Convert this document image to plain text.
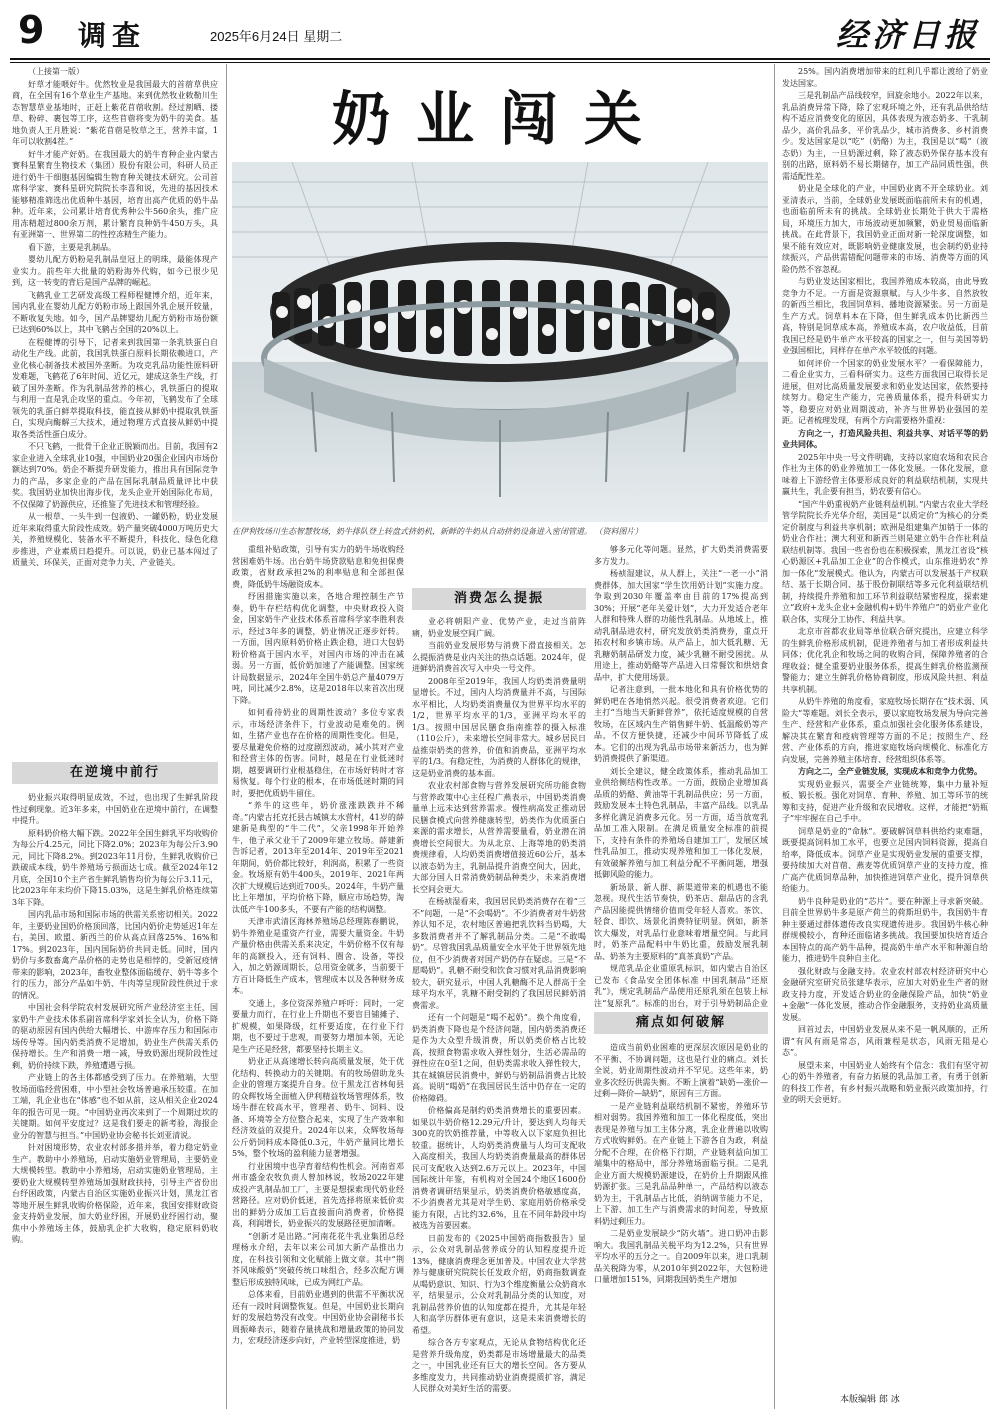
9 调查	2025年6月24日 星期二	经济日报

（上接第一版）

好草才能喂好牛。优然牧业是我国最大的首蓿草供应商，在全国有16个草业生产基地。来到优然牧业敕勒川生态智慧草业基地时，正赶上紫花苜蓿收割。经过割晒、搂草、粉碎、裹包等工序，这些苜蓿将变为奶牛的美食。基地负责人王月胜说：“紫花苜蓿是牧草之王，营养丰富，1年可以收割4茬。”

好牛才能产好奶。在我国最大的奶牛育种企业内蒙古赛科星繁育生物技术（集团）股份有限公司，科研人员正进行奶牛干细胞基因编辑生物育种关键技术研究。公司首席科学家、赛科星研究院院长李喜和说，先进的基因技术能够精准筛选出优质种牛基因，培育出高产优质的奶牛品种。近年来，公司累计培育优秀种公牛560余头，推广应用冻精超过800余万剂，累计繁育良种奶牛450万头，具有亚洲第一、世界第二的性控冻精生产能力。

看下游，主要是乳制品。

婴幼儿配方奶粉是乳制品皇冠上的明珠，最能体现产业实力。前些年大批量的奶粉海外代购，如今已很少见到，这一转变的背后是国产品牌的崛起。

飞鹤乳业工艺研发高级工程师程健博介绍，近年来，国内乳业在婴幼儿配方奶粉市场上跟国外乳企展开较量，不断收复失地。如今，国产品牌婴幼儿配方奶粉市场份额已达到60%以上，其中飞鹤占全国的20%以上。

在程健博的引导下，记者来到我国第一条乳铁蛋白自动化生产线。此前，我国乳铁蛋白原料长期依赖进口，产业化核心制备技术被国外垄断。为攻克乳品功能性原料研发难题，飞鹤花了6年时间、近亿元，建成这条生产线，打破了国外垄断。作为乳制品营养的核心，乳铁蛋白的提取与利用一直是乳企攻坚的重点。今年初，飞鹤发布了全球领先的乳蛋白鲜萃提取科技，能直接从鲜奶中提取乳铁蛋白，实现向酶解三大技术，通过物理方式直接从鲜奶中提取各类活性蛋白成分。

不只飞鹤，一批骨干企业正脱颖而出。目前，我国有2家企业进入全球乳业10强，中国奶业20强企业国内市场份额达到70%。奶企不断提升研发能力，推出具有国际竞争力的产品，多家企业的产品在国际乳制品质量评比中获奖。我国奶业加快出海步伐，龙头企业开始国际化布局，不仅保障了奶源供应，还推鉴了先进技术和管理经验。

从一根草、一头牛到一包液奶、一罐奶粉，奶业发展近年来取得重大阶段性成效。奶产量突破4000万吨历史大关，养殖规模化、装备水平不断提升，科技化、绿色化稳步推进，产业素质日趋提升。可以说，奶业已基本闯过了质量关、环保关，正面对竞争力关、产业链关。

在逆境中前行

奶业振兴取得明显成效，不过，也出现了生鲜乳阶段性过剩现象。近3年多来，中国奶业在逆境中前行，在调整中提升。

原料奶价格大幅下跌。2022年全国生鲜乳平均收购价为每公斤4.25元，同比下降2.0%；2023年为每公斤3.90元，同比下降8.2%。到2023年11月份，生鲜乳收购价已跌破成本线，奶牛养殖场亏损面达七成。截至2024年12月底，全国10个主产省生鲜乳销售均价为每公斤3.11元，比2023年年末均价下降15.03%，这是生鲜乳价格连续第3年下降。

国内乳品市场和国际市场的供需关系密切相关。2022年，主要奶业国奶价格顶回落，比国内奶价走势延迟1年左右，美国、欧盟、新西兰的价从高点回落25%、16%和17%。到2023年，国内国际奶价共同走低。同时，国内奶价与多数畜禽产品价格的走势也是相悖的，受新冠疫情带来的影响，2023年，畜牧业整体面临缓存、奶牛等多个行的压力，部分产品如牛奶、牛肉等呈现阶段性供过于求的情况。

中国社会科学院农村发展研究所产业经济室主任，国家奶牛产业技术体系副首席科学家刘长全认为，价格下降的驱动原因有国内供给大幅增长、中游库存压力和国际市场传导等。国内奶类消费不足增加，奶业生产供需关系仍保持增长。生产和消费一增一减，导致奶源出现阶段性过剩，奶价持续下跌，养殖遭遇亏损。

产业链上的各主体都感受到了压力。在养殖端，大型牧场面临经营困难，中小型社会牧场普遍承压较重。在加工端，乳企业也在“体感”也不如从前，这从相关企业2024年的报告可见一斑。“中国奶业再次来到了一个周期过坎的关键期。如何平安度过？这是我们要走的新考验，海报企业分的智慧与担当。”中国奶业协会秘书长刘亚清说。

针对困境形势，农业农村部多措并举，着力稳定奶业生产。教助中小养殖场，启动实施奶业管理局，主要奶业大规模转型。教助中小养殖场，启动实施奶业管理局，主要奶业大规模转型养殖场加强财政扶持，引导主产省份出台纾困政策，内蒙古自治区实施奶业振兴计划，黑龙江省等地开展生鲜乳收购价格保险，近年来，我国安排财政资金支持奶业发展，加大奶业纾困，开展奶业纾困行动，聚焦中小养殖场主体，鼓励乳企扩大收购，稳定原料奶收购。

奶业闯关
在伊利牧场川生态智慧牧场，奶牛排队登上转盘式挤奶机，新鲜的牛奶从自动挤奶设备进入密闭管道。 （资料图片）

重组补贴政策，引导有实力的奶牛场收购经营困难奶牛场。出台奶牛场贷款贴息和免担保费政策，省财政承担2%的利率贴息和全部担保费，降低奶牛场融资成本。

纾困措施实施以来，各地合理控制生产节奏，奶牛存栏结构优化调整，中央财政投入资金，国家奶牛产业技术体系首席科学家李胜利表示，经过3年多的调整，奶业情况正逐步好转。一方面，国内原料奶价格止跌企稳，进口大包奶粉价格高于国内水平，对国内市场的冲击在减弱。另一方面，低价奶加速了产能调整。国家统计局数据显示，2024年全国牛奶总产量4079万吨，同比减少2.8%，这是2018年以来首次出现下降。

如何看待奶业的周期性波动？多位专家表示，市场经济条件下，行业波动是难免的。例如，生猪产业也存在价格的周期性变化。但是，要尽量避免价格的过度剧烈波动，减小其对产业和经营主体的伤害。同时，越是在行业低迷时期，越要调研行业根基稳住，在市场好转时才容易恢复。每个行业的根本，在市场低迷时期的同时，要把优质奶牛留住。

“养牛的这些年，奶价涨涨跌跌并不稀奇。”内蒙古托克托县古城镇太水营村，41岁的薛建新是典型的“牛二代”，父亲1998年开始养牛，他子承父业干了2009年建立牧场。薛建新告诉记者，2013年至2014年、2019年至2021年期间，奶价都比较好，利润高，积累了一些资金。牧场原有奶牛400头，2019年、2021年两次扩大规模后达到近700头。2024年，牛奶产量比上年增加，平均价格下降，顺应市场趋势，淘汰低产牛100多头，不要有产能的结构调整。

天津市武清区海林养殖场总经理陈春鹏说，奶牛养殖业是重资产行业，需要大量资金。牛奶产量价格由供需关系来决定，牛奶价格不仅有每年的高额投入，还有饲料、圈舍、设备，等投入，加之奶源周期长，总用资金就多，当前要干方百计降低生产成本，管理成本以及各种财务成本。

交通上，多位资深养殖户呼吁：同时，一定要量力而行，在行业上升期也不要盲目铺摊子、扩规模，如果降级，红杆要适度，在行业下行期，也不要过于悲观，而要努力增加本领，无论是生产还是经营，都要坚持长期主义。

奶业正从高速增长转向高质量发展，处于优化结构、转换动力的关键期。有的牧场借助龙头企业的管理方案提升自身。位于黑龙江省林甸县的众辉牧场全面植入伊利精益牧场管理体系，牧场牛群在较高水平，管理者、奶牛、饲料、设备、环境等全方位整合起来，实现了生产效率和经济效益的双提升。2024年以来，众辉牧场每公斤奶饲料成本降低0.3元，牛奶产量同比增长5%，整个牧场的盈利能力显著增强。

行业困境中也孕育着结构性机会。河南省邓州市盛金农牧负责人曾加林说，牧场2022年建成投产乳制品加工厂，主要是想探索现代奶业经营路径。应对奶价低迷，首先选择将原来低价卖出的鲜奶分成加工后直接面向消费者，价格提高，利润增长，奶业振兴的发展路径更加清晰。

“创新才是出路。”河南花花牛乳业集团总经理杨永介绍，去年以来公司加大新产品推出力度，在科技引领和文化赋能上做文章。其中“荆芥风味酸奶”突破传统口味组合，经多次配方调整后形成独特风味，已成为网红产品。

总体来看，目前奶业遇到的供需不平衡状况还有一段时间调整恢复。但是，中国奶业长期向好的发展趋势没有改变。中国奶业协会副秘书长周振峰表示，随着存量挑战和增量政策的协同发力，宏观经济逐步向好，产业转型深度推进，奶

消费怎么提振

业必将朝阳产业、优势产业，走过当前阵痛，奶业发展空间广阔。

当前奶业发展形势与消费下滑直接相关。怎么提振消费是业内关注的热点话题。2024年，促进鲜奶消费首次写入中央一号文件。

2008年至2019年，我国人均奶类消费量明显增长。不过，国内人均消费量并不高，与国际水平相比，人均奶类消费量仅为世界平均水平的1/2，世界平均水平的1/3，亚洲平均水平的1/3。按照中国居民膳食指南推荐的摄入标准（110公斤），未来增长空间非常大。城乡居民日益推崇奶类的营养，价值和消费品，亚洲平均水平的1/3。有稳定性，为消费的人群体化的规律，这是奶业消费的基本面。

农业农村部食物与营养发展研究所功能食物与营养政策中心主任程广燕表示，中国奶类消费量单上远未达到营养需求。慢性病高发正推动居民膳食模式向营养健康转型，奶类作为优质蛋白来源的需求增长，从营养需要量看，奶业潜在消费增长空间很大。为从北京、上海等地的奶类消费规律看，人均奶类消费增值接近60公斤，基本以液态奶为主，乳制品提升消费空间大，因此，大部分国人日常消费奶制品种类少，未来消费增长空间会更大。

在杨祯湿看来，我国居民奶类消费存在着“三不”问题，一是“不会喝奶”。不少消费者对牛奶营养认知不足，农村地区普遍把乳饮料当奶喝，大多数消费者并不了解乳制品分类。二是“不敢喝奶”。尽管我国乳品质量安全水平处于世界领先地位，但不少消费者对国产奶仍存在疑虑。三是“不愿喝奶”。乳糖不耐受和饮食习惯对乳品消费影响较大，研究显示，中国人乳糖酶不足人群高于全球平均水平，乳糖不耐受制约了我国居民鲜奶消费需求。

还有一个问题是“喝不起奶”。换个角度看，奶类消费下降也是个经济问题，国内奶类消费还是作为大众型升级消费，所以奶类价格占比较高，按照食物需求收入弹性划分，生活必需品的弹性应在0至1之间，但奶类需求收入弹性较大，其在城镇居民消费中，鲜奶与奶制品消费占比较高。说明“喝奶”在我国居民生活中仍存在一定的价格障碍。

价格偏高是制约奶类消费增长的重要因素。如果以牛奶价格12.29元/升计，要达到人均每天300克的饮奶推荐量，中等收入以下家庭负担比较重。据统计，人均奶类消费量与人均可支配收入高度相关，我国人均奶类消费量最高的群体居民可支配收入达到2.6万元以上。2023年，中国国际统计年鉴，有机构对全国24个地区1600份消费者调研结果显示，奶类消费价格敏感度高，不少消费者尤其是对学生奶、家庭用奶价格承受能力有限，占比约32.6%，且在不同年龄段中均被选为首要因素。

日前发布的《2025中国奶商指数报告》显示，公众对乳制品营养成分的认知程度提升近13%，健康消费理念更加普及。中国农业大学营养与健康研究院院长任发政介绍，奶商指数调查从喝奶意识、知识、行为3个维度衡量公众奶商水平，结果显示，公众对乳制品分类的认知度，对乳制品营养价值的认知度都在提升，尤其是年轻人和高学历群体更有意识，这是未来消费增长的希望。

综合各方专家观点，无论从食物结构优化还是营养升级角度，奶类都是市场增量最大的品类之一，中国乳业还有巨大的增长空间。各方要从多维度发力，共同推动奶业消费提质扩容，满足人民群众对美好生活的需要。

够多元化等问题。显然，扩大奶类消费需要多方发力。

杨祯湿建议，从人群上，关注“一老一小”消费群体，加大国家“学生饮用奶计划”实施力度。争取到2030年覆盖率由目前的17%提高到30%；开展“老年关爱计划”，大力开发适合老年人群和特殊人群的功能性乳制品。从地域上，推动乳制品进农村，研究发放奶类消费券，重点开拓农村和乡镇市场。从产品上，加大低乳糖、无乳糖奶制品研发力度，减少乳糖不耐受困扰。从用途上，推动奶酪等产品进入日常餐饮和烘焙食品中，扩大使用场景。

记者注意到，一批本地化和具有价格优势的鲜奶吧在各地悄然兴起。很受消费者欢迎。它们主打“当地当天新鲜营养”，依托适度规模的自营牧场，在区域内生产销售鲜牛奶、低温酸奶等产品，不仅方便快捷，还减少中间环节降低了成本。它们的出现为乳品市场带来新活力，也为鲜奶消费提供了新渠道。

刘长全建议，健全政策体系，推动乳品加工业供给侧结构性改革。一方面，鼓励企业增加高品质的奶酪、黄油等干乳制品供应；另一方面，鼓励发展本土特色乳制品，丰富产品线。以乳品多样化满足消费多元化。另一方面，适当放宽乳品加工准入限制。在满足质量安全标准的前提下，支持有条件的养殖场自建加工厂，发展区域性乳品加工，推动实现养殖和加工一体化发展，有效破解养殖与加工利益分配不平衡问题，增强抵御风险的能力。

新场景、新人群、新渠道带来的机遇也不能忽视。现代生活节奏快，奶茶店、甜品店的含乳产品因能提供情绪价值而受年轻人喜欢。茶饮、轻食、即饮、场景化消费特征明显。例如，新茶饮大爆发，对乳品行业意味着增量空间。与此同时，奶茶产品配料中牛奶比重，鼓励发展乳制品、奶茶为主要原料的“真茶真奶”产品。

规范乳品企业重原乳标识，如内蒙古自治区已发布《食品安全团体标准 中国乳制品“还原乳”》，规定乳制品产品使用还原乳须在包装上标注“复原乳”。标准的出台，对于引导奶制品企业

痛点如何破解

造成当前奶业困难的更深层次原因是奶业的不平衡、不协调问题，这也是行业的痛点。刘长全说，奶业周期性波动并不罕见。这些年来，奶业多次经历供需失衡。不断上演着“缺奶—涨价—过剩—降价—缺奶”，原因有三方面。

一是产业链利益联结机制不紧密，养殖环节相对弱势。我国养殖和加工一体化程度低，突出表现是养殖与加工主体分离，乳企业普遍以收购方式收购鲜奶。在产业链上下游各自为政，利益分配不合理，在价格下行期，产业链利益向加工端集中的格局中，部分养殖场面临亏损。二是乳企业方面大规模奶源建设，在奶价上升期跟风推奶源扩张。三是乳品品种单一，产品结构以液态奶为主，干乳制品占比低，消纳调节能力不足，上下游、加工生产与消费需求的时间差，导致原料奶过剩压力。

二是奶业发展缺少“防火墙”。进口奶冲击影响大。我国乳制品关税平均为12.2%，只有世界平均水平的五分之一。自2009年以来，进口乳制品关税降为零，从2010年到2022年，大包粉进口量增加151%，同期我国奶类生产增加

25%。国内消费增加带来的红利几乎都让渡给了奶业发达国家。

三是乳制品产品线较窄，回旋余地小。2022年以来，乳品消费异常下降，除了宏观环境之外，还有乳品供给结构不适应消费变化的原因，具体表现为液态奶多、干乳制品少，高价乳品多、平价乳品少，城市消费多、乡村消费少。发达国家是以“吃”（奶酪）为主，我国是以“喝”（液态奶）为主，一旦奶源过剩，除了液态奶外保存基本没有别的出路，原料奶不易长期储存，加工产品同质性强，供需适配性差。

奶业是全球化的产业，中国奶业离不开全球奶业。刘亚清表示，当前，全球奶业发展既面临前所未有的机遇，也面临前所未有的挑战。全球奶业长期处于供大于需格局，环境压力加大，市场波动更加频繁，奶业贸易面临新挑战。在此背景下，我国奶业正面对新一轮深度调整，如果不能有效应对，既影响奶业健康发展，也会制约奶业持续振兴，产品供需错配问题带来的市场、消费等方面的风险仍然不容忽视。

与奶业发达国家相比，我国养殖成本较高，由此导致竞争力不足。一方面是资源禀赋。与人少牛多、自然放牧的新西兰相比，我国饲草料、播地资源紧张。另一方面是生产方式。饲草料本在下降，但生鲜乳成本仍比新西兰高，特别是饲草成本高，养殖成本高，农户收益低，目前我国已经是奶牛单产水平较高的国家之一，但与美国等奶业强国相比，同样存在单产水平较低的问题。

如何评价一个国家的奶业发展水平？一看保障能力，二看企业实力，三看科研实力。这些方面我国已取得长足进展，但对比高质量发展要求和奶业发达国家，依然要持续努力。稳定生产能力，完善质量体系，提升科研实力等，稳要应对奶业周期波动，补齐与世界奶业强国的差距。记者梳理发现，有两个方向需要格外重视：

方向之一，打造风险共担、利益共享、对话平等的奶业共同体。

2025年中央一号文件明确，支持以家庭农场和农民合作社为主体的奶业养殖加工一体化发展。一体化发展，意味着上下游经营主体要形成良好的利益联结机制，实现共赢共生，乳企要有担当，奶农要有信心。

“国产牛奶重视奶产业链利益机制。”内蒙古农业大学经管学院院长乔光华介绍，美国是“以质定价”为核心的分类定价制度与利益共享机制；欧洲是组建集产加销于一体的奶业合作社；澳大利亚和新西兰则是建立奶牛合作社利益联结机制等。我国一些省份也在积极探索，黑龙江省设“核心奶源区+乳品加工企业”的合作模式，山东推进奶农“养加一体化”发展模式。他认为，内蒙古可以发展基于产权联结、基于长期合同、基于股份制联结等多元化利益联结机制，持续提升养殖和加工环节利益联结紧密程度，探索建立“政府+龙头企业+金融机构+奶牛养殖户”的奶业产业化联合体，实现分工协作、利益共享。

北京市首都农业局等单位联合研究提出，应建立科学的生鲜乳价格形成机制，促进养殖者与加工者形成利益共同体；优化乳企和牧场之间的收购合同，保障养殖者的合理收益；健全重要奶业服务体系，提高生鲜乳价格监测预警能力；建立生鲜乳价格协商制度，形成风险共担、利益共享机制。

从奶牛养殖的角度看，家庭牧场长期存在“技术弱、风险大”等难题。刘长全表示，要以家庭牧场发展为导向完善生产、经营和产业体系，重点加强社会化服务体系建设，解决其在繁育和疫病管理等方面的不足；按照生产、经营、产业体系的方向，推进家庭牧场向规模化、标准化方向发展，完善养殖主体培育、经营组织体系等。

方向之二，全产业链发展，实现成本和竞争力优势。

实现奶业振兴，需要全产业链统筹，集中力量补短板、锻长板。强化对饲草、育种、养殖、加工等环节的统筹和支持，促进产业升级和农民增收。这样，才能把“奶瓶子”牢牢握在自己手中。

饲草是奶业的“命脉”。要破解饲草料供给约束难题，既要提高饲料加工水平，也要立足国内饲料资源，提高自给率，降低成本。饲草产业是实现奶业发展的重要支撑，要持续加大对苜蓿、燕麦等优质饲草产业的支持力度，推广高产优质饲草品种，加快推进饲草产业化，提升饲草供给能力。

奶牛良种是奶业的“芯片”。要在种源上寻求新突破。目前全世界奶牛多是原产荷兰的荷斯坦奶牛，我国奶牛育种主要通过群体遗传改良实现遗传进步。我国奶牛核心种群规模较小，育种还面临诸多挑战。我国要加快培育适合本国特点的高产奶牛品种，提高奶牛单产水平和种源自给能力，推进奶牛良种自主化。

强化财政与金融支持。农业农村部农村经济研究中心金融研究室研究员张建华表示，应加大对奶业生产者的财政支持力度，开发适合奶业的金融保险产品，加快“奶业+金融”一体化发展，推动合作金融服务，支持奶业高质量发展。

回首过去，中国奶业发展从来不是一帆风顺的，正所谓“有风有雨是常态，风雨兼程是状态，风雨无阻是心态”。

展望未来，中国奶业人始终有个信念：我们有坚守初心的奶牛养殖者，有奋力拓展的乳品加工者，有勇于创新的科技工作者，有乡村振兴战略和奶业振兴政策加持，行业的明天会更好。

本版编辑 郎 冰
